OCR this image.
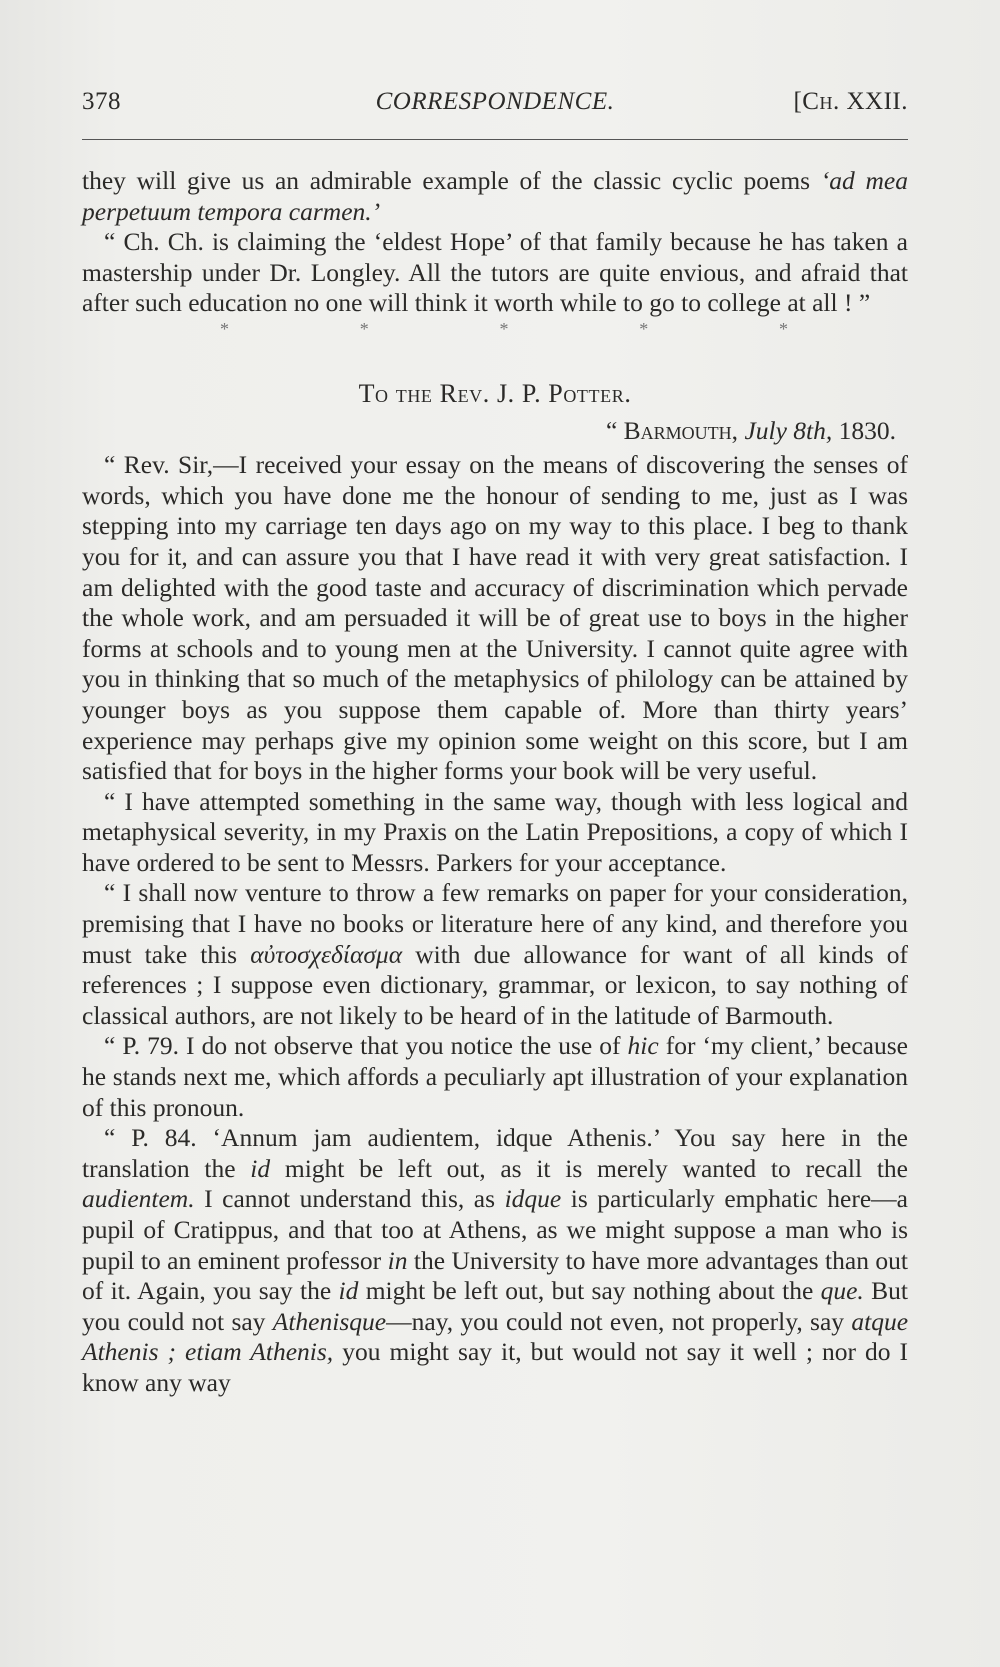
378	CORRESPONDENCE.	[Ch. XXII.

they will give us an admirable example of the classic cyclic poems ‘ad mea perpetuum tempora carmen.’

“ Ch. Ch. is claiming the ‘eldest Hope’ of that family because he has taken a mastership under Dr. Longley. All the tutors are quite envious, and afraid that after such education no one will think it worth while to go to college at all ! ”

*	*	*	*	*
To the Rev. J. P. Potter.
“ Barmouth, July 8th, 1830.

“ Rev. Sir,—I received your essay on the means of discovering the senses of words, which you have done me the honour of sending to me, just as I was stepping into my carriage ten days ago on my way to this place. I beg to thank you for it, and can assure you that I have read it with very great satisfaction. I am delighted with the good taste and accuracy of discrimination which pervade the whole work, and am persuaded it will be of great use to boys in the higher forms at schools and to young men at the University. I cannot quite agree with you in thinking that so much of the metaphysics of philology can be attained by younger boys as you suppose them capable of. More than thirty years’ experience may perhaps give my opinion some weight on this score, but I am satisfied that for boys in the higher forms your book will be very useful.

“ I have attempted something in the same way, though with less logical and metaphysical severity, in my Praxis on the Latin Prepositions, a copy of which I have ordered to be sent to Messrs. Parkers for your acceptance.

“ I shall now venture to throw a few remarks on paper for your consideration, premising that I have no books or literature here of any kind, and therefore you must take this αὐτοσχεδίασμα with due allowance for want of all kinds of references ; I suppose even dictionary, grammar, or lexicon, to say nothing of classical authors, are not likely to be heard of in the latitude of Barmouth.

“ P. 79. I do not observe that you notice the use of hic for ‘my client,’ because he stands next me, which affords a peculiarly apt illustration of your explanation of this pronoun.

“ P. 84. ‘Annum jam audientem, idque Athenis.’ You say here in the translation the id might be left out, as it is merely wanted to recall the audientem. I cannot understand this, as idque is particularly emphatic here—a pupil of Cratippus, and that too at Athens, as we might suppose a man who is pupil to an eminent professor in the University to have more advantages than out of it. Again, you say the id might be left out, but say nothing about the que. But you could not say Athenisque—nay, you could not even, not properly, say atque Athenis ; etiam Athenis, you might say it, but would not say it well ; nor do I know any way
